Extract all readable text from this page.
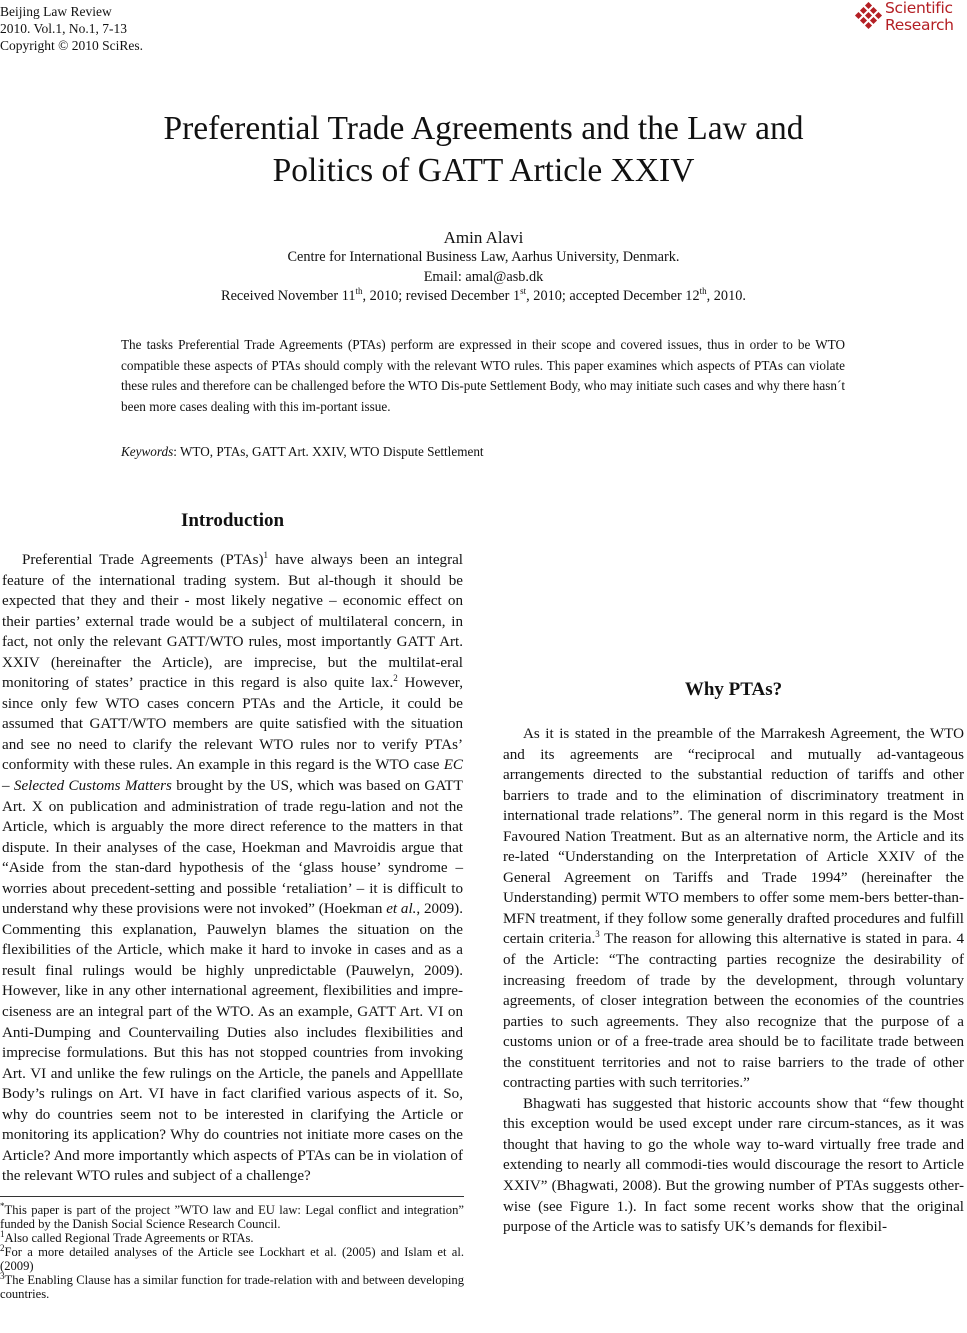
Beijing Law Review
2010. Vol.1, No.1, 7-13
Copyright © 2010 SciRes.
Scientific
Research
Preferential Trade Agreements and the Law and
Politics of GATT Article XXIV
Amin Alavi
Centre for International Business Law, Aarhus University, Denmark.
Email: amal@asb.dk
Received November 11th, 2010; revised December 1st, 2010; accepted December 12th, 2010.
The tasks Preferential Trade Agreements (PTAs) perform are expressed in their scope and covered issues, thus in order to be WTO compatible these aspects of PTAs should comply with the relevant WTO rules. This paper examines which aspects of PTAs can violate these rules and therefore can be challenged before the WTO Dis-pute Settlement Body, who may initiate such cases and why there hasn´t been more cases dealing with this im-portant issue.
Keywords: WTO, PTAs, GATT Art. XXIV, WTO Dispute Settlement
Introduction

Preferential Trade Agreements (PTAs)$^1$ have always been an integral feature of the international trading system. But al-though it should be expected that they and their - most likely negative – economic effect on their parties’ external trade would be a subject of multilateral concern, in fact, not only the relevant GATT/WTO rules, most importantly GATT Art. XXIV (hereinafter the Article), are imprecise, but the multilat-eral monitoring of states’ practice in this regard is also quite lax.$^2$ However, since only few WTO cases concern PTAs and the Article, it could be assumed that GATT/WTO members are quite satisfied with the situation and see no need to clarify the relevant WTO rules nor to verify PTAs’ conformity with these rules. An example in this regard is the WTO case EC – Selected Customs Matters brought by the US, which was based on GATT Art. X on publication and administration of trade regu-lation and not the Article, which is arguably the more direct reference to the matters in that dispute. In their analyses of the case, Hoekman and Mavroidis argue that “Aside from the stan-dard hypothesis of the ‘glass house’ syndrome – worries about precedent-setting and possible ‘retaliation’ – it is difficult to understand why these provisions were not invoked” (Hoekman et al., 2009). Commenting this explanation, Pauwelyn blames the situation on the flexibilities of the Article, which make it hard to invoke in cases and as a result final rulings would be highly unpredictable (Pauwelyn, 2009). However, like in any other international agreement, flexibilities and impre-ciseness are an integral part of the WTO. As an example, GATT Art. VI on Anti-Dumping and Countervailing Duties also includes flexibilities and imprecise formulations. But this has not stopped countries from invoking Art. VI and unlike the few rulings on the Article, the panels and Appelllate Body’s rulings on Art. VI have in fact clarified various aspects of it. So, why do countries seem not to be interested in clarifying the Article or monitoring its application? Why do countries not initiate more cases on the Article? And more importantly which aspects of PTAs can be in violation of the relevant WTO rules and subject of a challenge?

Why PTAs?

As it is stated in the preamble of the Marrakesh Agreement, the WTO and its agreements are “reciprocal and mutually ad-vantageous arrangements directed to the substantial reduction of tariffs and other barriers to trade and to the elimination of discriminatory treatment in international trade relations”. The general norm in this regard is the Most Favoured Nation Treatment. But as an alternative norm, the Article and its re-lated “Understanding on the Interpretation of Article XXIV of the General Agreement on Tariffs and Trade 1994” (hereinafter the Understanding) permit WTO members to offer some mem-bers better-than-MFN treatment, if they follow some generally drafted procedures and fulfill certain criteria.$^3$ The reason for allowing this alternative is stated in para. 4 of the Article: “The contracting parties recognize the desirability of increasing freedom of trade by the development, through voluntary agreements, of closer integration between the economies of the countries parties to such agreements. They also recognize that the purpose of a customs union or of a free-trade area should be to facilitate trade between the constituent territories and not to raise barriers to the trade of other contracting parties with such territories.”

Bhagwati has suggested that historic accounts show that “few thought this exception would be used except under rare circum-stances, as it was thought that having to go the whole way to-ward virtually free trade and extending to nearly all commodi-ties would discourage the resort to Article XXIV” (Bhagwati, 2008). But the growing number of PTAs suggests other-wise (see Figure 1.). In fact some recent works show that the original purpose of the Article was to satisfy UK’s demands for flexibil-

*This paper is part of the project ”WTO law and EU law: Legal conflict and integration” funded by the Danish Social Science Research Council.
$^1$Also called Regional Trade Agreements or RTAs.
$^2$For a more detailed analyses of the Article see Lockhart et al. (2005) and Islam et al. (2009)
$^3$The Enabling Clause has a similar function for trade-relation with and between developing countries.
